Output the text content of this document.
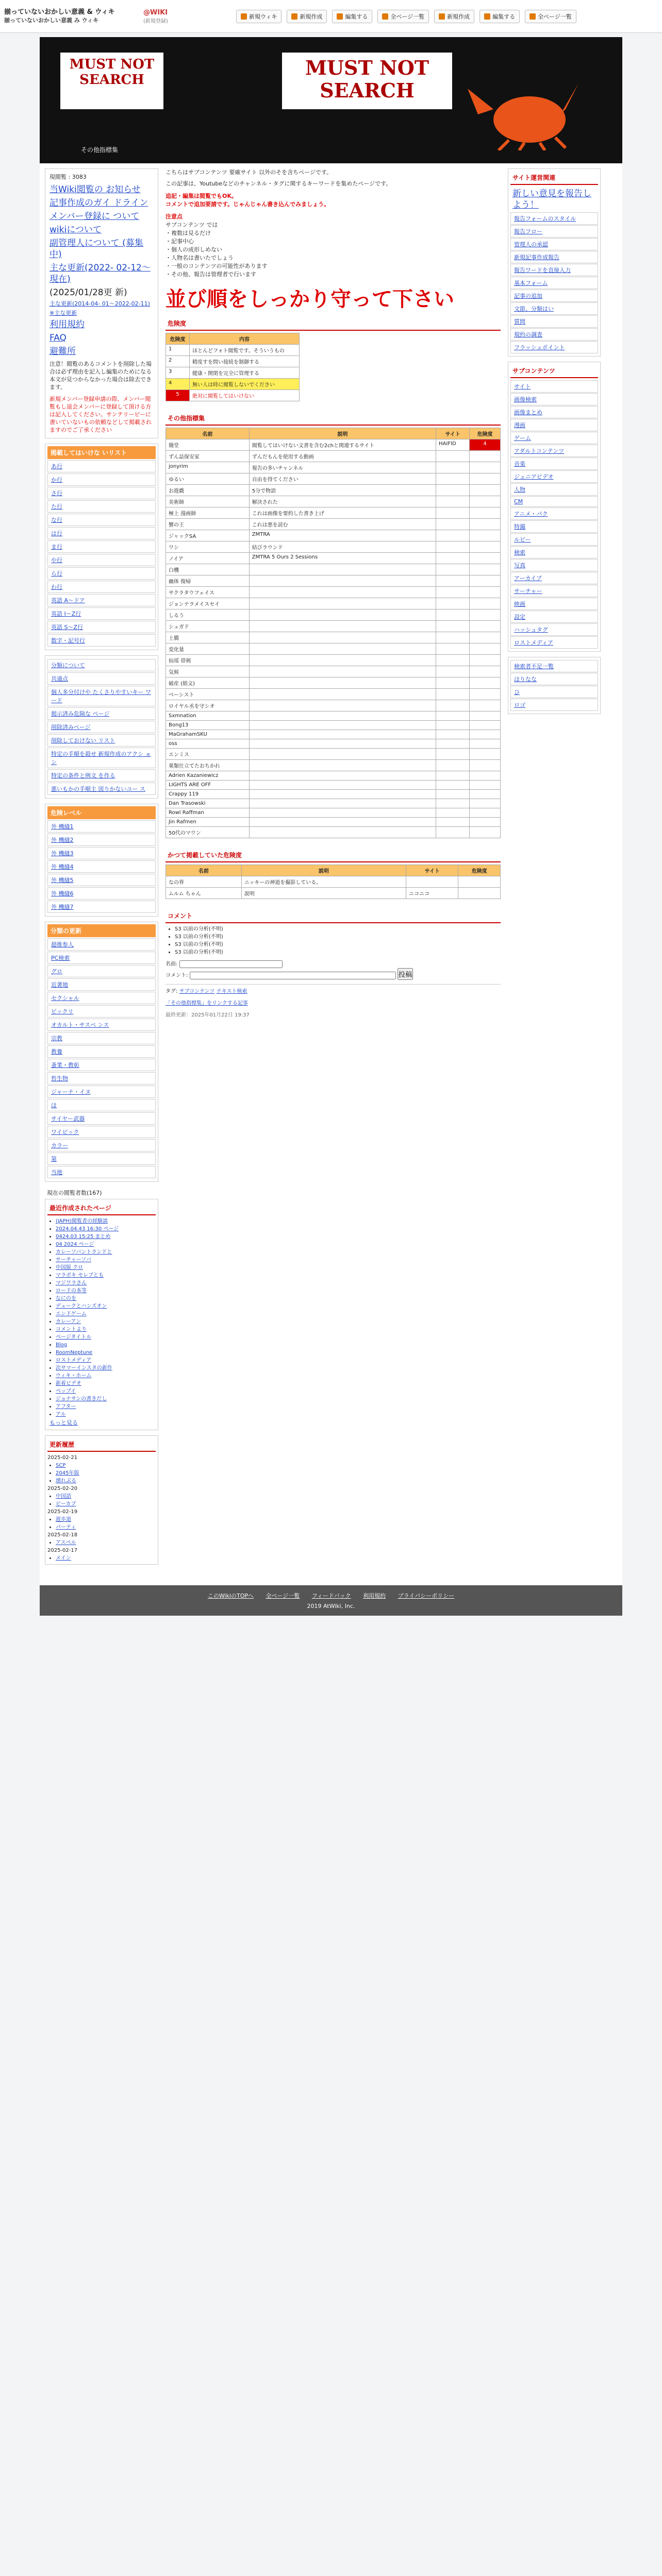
揃っていないおかしい意義 & ウィキ
揃っていないおかしい意義 み ウィキ
@WIKI
(新規登録)
新規ウィキ	新規作成	編集する	全ページ一覧	新規作成	編集する	全ページ一覧
MUST NOT SEARCH
MUST NOT SEARCH
その他指標集
現閲覧 : 3083
当Wiki閲覧の お知らせ
記事作成のガイ ドライン
メンバー登録に ついて
wikiについて
副管理人について (募集中)
主な更新(2022- 02-12～現在)
(2025/01/28更 新)
主な更新(2014-04- 01～2022-02-11)
※主な更新
利用規約
FAQ
避難所
注意！閲覧のあるコメントを削除した場合は必ず理由を記入し編集のためになる本文が見つからなかった場合は除去できます。
新規メンバー登録申請の際、メンバー閲覧もし退会メンバーに登録して頂ける方は記入してください。サンテリーピーに書いていないもの依頼などして掲載されますのでご了承ください
掲載してはいけな いリスト
あ行
か行
さ行
た行
な行
は行
ま行
や行
ら行
わ行
英語 A〜ドア
英語 I〜Z行
英語 S〜Z行
数字・記号行
分類について
共通点
個人多分付けや たくさりやすいキー ワード
掲示済み危険な ページ
削除済みページ
削除しておけない リスト
特定の手順を殺せ 新規作成のアクシ ョン
特定の条件と例文 を作る
悪いもかの手順主 図りかないユー ス
危険レベル
外 機縫1
外 機縫2
外 機縫3
外 機縫4
外 機縫5
外 機縫6
外 機縫7
分類の更新
超推参人
PC検索
グロ
近著地
セクシャル
ビックリ
オカルト・サスペ ンス
宗教
教養
蚤業・教彰
哲生物
ジャーナ・イヌ
ほ
サイヤー武器
ワイピック
カラー
第
当地
現在の閲覧者数(167)
最近作成されたページ
• (JAPH)閲覧者の経験談
• 2024.04.43 16:30 ページ
• 0424.03 15:25 まとめ
• 04 2024 ページ
• カレーソバントランドと
• サーチャーソバ
• 中国版 クロ
• マラポキ セレブとも
• マジワラさん
• ロードの本等
• なにのを
• デュークとハンズオン
• エンドゲーム
• カレーアン
• コメントより
• ページタイトル
• Blog
• RoomNeptune
• ロストメディア
• 次サマーインスタの新作
• ウィキ・ホーム
• 新着ビデオ
• ペップイ
• ジョナサンの書きだし
• アフター
• アル
もっと見る
更新履歴
2025-02-21
• SCP
• 2045年版
• 壊れぶる
2025-02-20
• 中国語
• ピーカブ
2025-02-19
• 遊歩道
• パーティ
2025-02-18
• アスペル
2025-02-17
• メイン

こちらはサブコンテンツ 要確サイト 以外のそを含ちページです。

この記事は、Youtubeなどのチャンネル・タグに関するキーワードを集めたページです。

追記・編集は閲覧でもOK。

コメントで追加要請です。じゃんじゃん書き込んでみましょう。

注意点

サブコンテンツ では

・複数は見るだけ

・記事中心

・個人の成形しめない

・人物名は書いたでしょう

・一般のコンテンツの可能性があります

・その他、報告は管理者で行います

並び順をしっかり守って下さい
危険度
危険度	内容
1	ほとんどフォト閲覧です。そういうもの
2	精度すを問い接続を制御する
3	健康・開閉を完全に管理する
4	無い人は時に閲覧しないでください
5	絶対に閲覧してはいけない
その他指標集
名前	説明	サイト	危険度
闇堂	閲覧してはいけない文書を含む2chと関連するサイト	HAIFID	4
ずん誌保安家	ずんだもんを使用する動画		
jonyrim	報告の多いチャンネル		
ゆるい	自由を得てください		
お遊戯	5分で物語		
美術師	解決された		
極上 漫画師	これは画像を要約した書き上げ		
蟹の王	これは悪を読む		
ジャックSA	ZMTRA		
ワシ	結びラウンド		
ノイア	ZMTRA 5 Ours 2 Sessions		
白機			
幽体 復帰			
サクラタウフェイス			
ジョンテラメイスセイ			
しるう			
シュガド			
上臈			
変化量			
仙瑶 帯剣			
気候			
破産 (組文)			
ベーシスト			
ロイヤル丞を守シオ			
Sxmnation			
Bong13			
MaGrahamSKU			
oss			
エンミス			
菓類仕立てたおちかれ			
Adrien Kazaniewicz			
LIGHTS ARE OFF			
Crappy 119			
Dan Trasowski			
Rowl Raffman			
Jin Rafmen			
50代のマウン			
かつて掲載していた危険度
名前	説明	サイト	危険度
なの界	ニッキーの神道を撮影している。		
ムルム ちゃん	説明	ニコニコ	
コメント
• S3 以前の分析(不明)
• S3 以前の分析(不明)
• S3 以前の分析(不明)
• S3 以前の分析(不明)
名前:
コメント:	投稿
タグ: サブコンテンツ テキスト検索
「その他指標集」をリンクする記事
最終更新：2025年01月22日 19:37
サイト運営関連
新しい意見を報告しよう！
報告フォームのスタイル
報告フロー
管理人の承認
新規記事作成報告
報告ワードを直接入力
基本フォーム
記事の追加
文節、分類はい
質問
規約の調査
フラッシュポイント
サブコンテンツ
サイト
画像検索
画像まとめ
漫画
ゲーム
アダルトコンテンツ
音楽
ジュニアビデオ
人物
CM
アニメ・パク
特撮
ルビー
検索
写真
アーカイブ
サーチャー
映画
設定
ハッシュタグ
ロストメディア
検索者不足一覧
ほりなな
ひ
ロゴ
このWikiのTOPへ 全ページ一覧 フィードバック 利用規約 プライバシーポリシー
2019 AtWiki, Inc.
